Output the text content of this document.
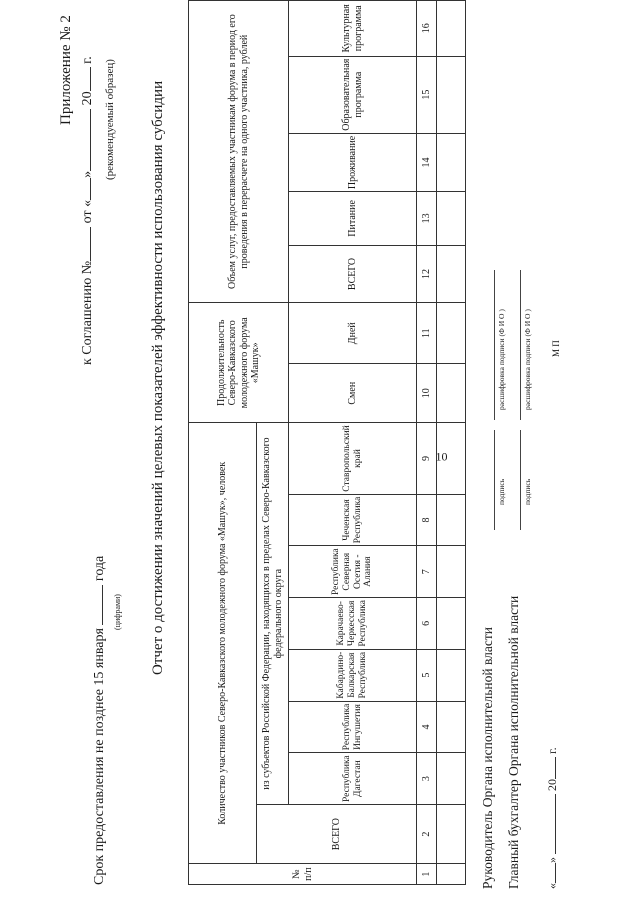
10
Приложение № 2
к Соглашению № от «» 20 г. (рекомендуемый образец)
Срок предоставления не позднее 15 января  года
(цифрами) Отчет о достижении значений целевых показателей эффективности использования субсидии
№ п/п	Количество участников Северо-Кавказского молодежного форума «Машук», человек								Продолжительность Северо-Кавказского молодежного форума «Машук»		Объем услуг, предоставляемых участникам форума в период его проведения в перерасчете на одного участника, рублей				
	ВСЕГО	из субъектов Российской Федерации, находящихся в пределах Северо-Кавказского федерального округа													
		Республика Дагестан	Республика Ингушетия	Кабардино-Балкарская Республика	Карачаево-Черкесская Республика	Республика Северная Осетия - Алания	Чеченская Республика	Ставропольский край	Смен	Дней	ВСЕГО	Питание	Проживание	Образовательная программа	Культурная программа
1	2	3	4	5	6	7	8	9	10	11	12	13	14	15	16

Руководитель Органа исполнительной власти
подпись
расшифровка подписи (Ф И О )
Главный бухгалтер Органа исполнительной власти
подпись
расшифровка подписи (Ф И О )
«»  20 г.
М П
